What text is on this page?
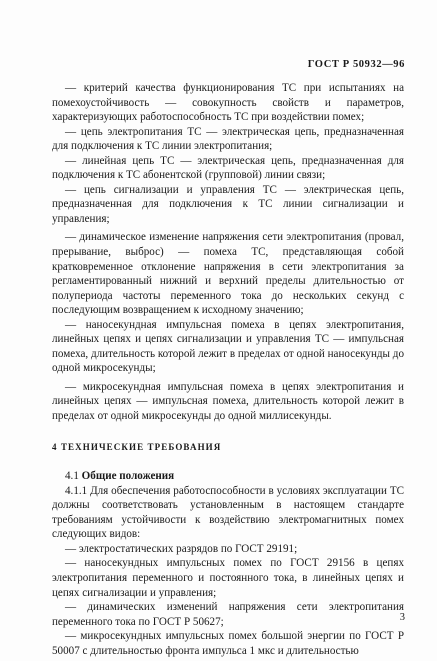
ГОСТ Р 50932—96

— критерий качества функционирования ТС при испытаниях на помехоустойчивость — совокупность свойств и параметров, характеризующих работоспособность ТС при воздействии помех;

— цепь электропитания ТС — электрическая цепь, предназначенная для подключения к ТС линии электропитания;

— линейная цепь ТС — электрическая цепь, предназначенная для подключения к ТС абонентской (групповой) линии связи;

— цепь сигнализации и управления ТС — электрическая цепь, предназначенная для подключения к ТС линии сигнализации и управления;

— динамическое изменение напряжения сети электропитания (провал, прерывание, выброс) — помеха ТС, представляющая собой кратковременное отклонение напряжения в сети электропитания за регламентированный нижний и верхний пределы длительностью от полупериода частоты переменного тока до нескольких секунд с последующим возвращением к исходному значению;

— наносекундная импульсная помеха в цепях электропитания, линейных цепях и цепях сигнализации и управления ТС — импульсная помеха, длительность которой лежит в пределах от одной наносекунды до одной микросекунды;

— микросекундная импульсная помеха в цепях электропитания и линейных цепях — импульсная помеха, длительность которой лежит в пределах от одной микросекунды до одной миллисекунды.

4 ТЕХНИЧЕСКИЕ ТРЕБОВАНИЯ

4.1 Общие положения

4.1.1 Для обеспечения работоспособности в условиях эксплуатации ТС должны соответствовать установленным в настоящем стандарте требованиям устойчивости к воздействию электромагнитных помех следующих видов:

— электростатических разрядов по ГОСТ 29191;

— наносекундных импульсных помех по ГОСТ 29156 в цепях электропитания переменного и постоянного тока, в линейных цепях и цепях сигнализации и управления;

— динамических изменений напряжения сети электропитания переменного тока по ГОСТ Р 50627;

— микросекундных импульсных помех большой энергии по ГОСТ Р 50007 с длительностью фронта импульса 1 мкс и длительностью

3
